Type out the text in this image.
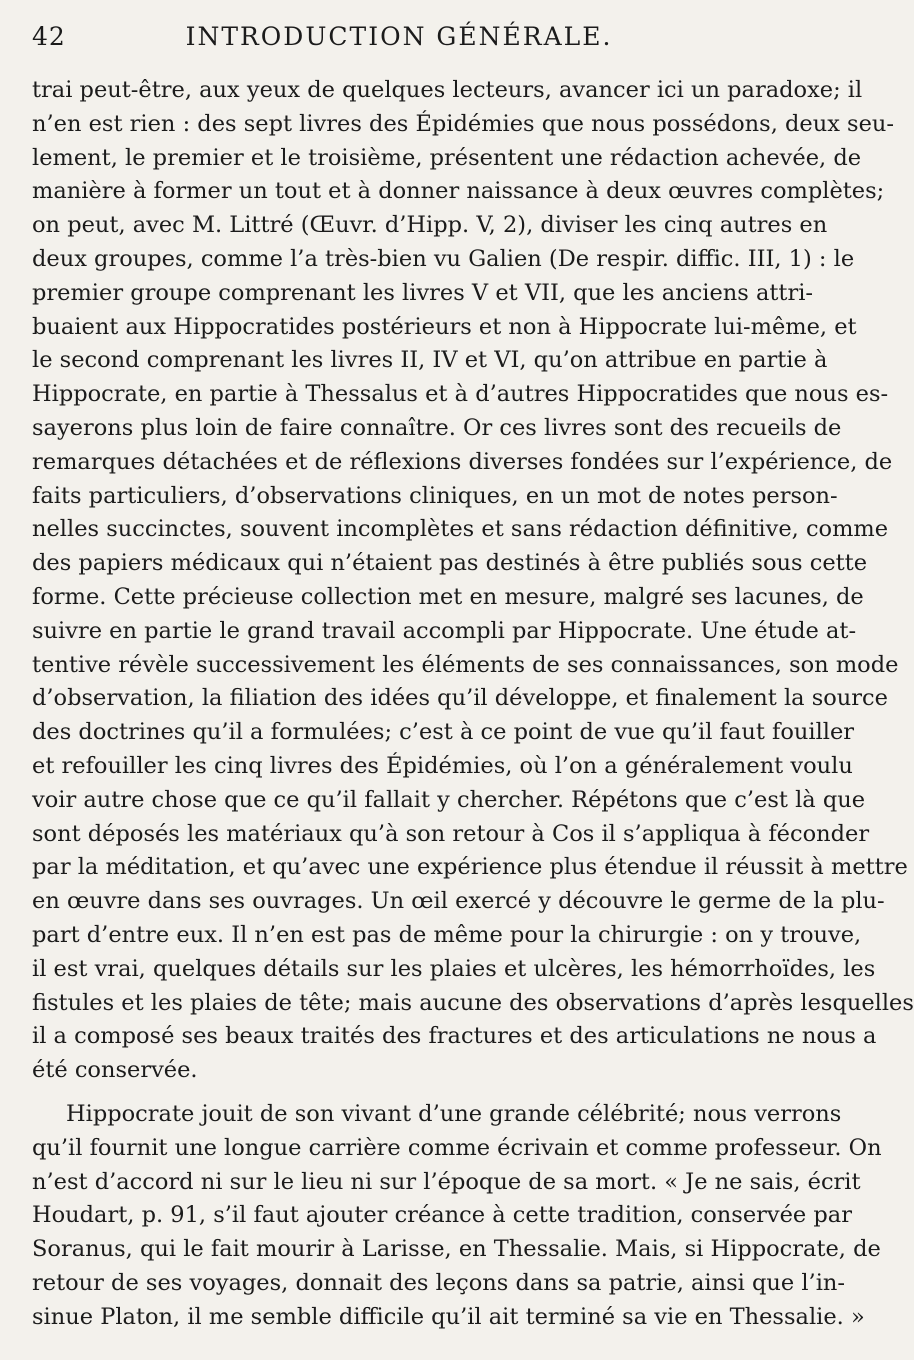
42	INTRODUCTION GÉNÉRALE.
trai peut-être, aux yeux de quelques lecteurs, avancer ici un paradoxe; il
n’en est rien : des sept livres des Épidémies que nous possédons, deux seu-
lement, le premier et le troisième, présentent une rédaction achevée, de
manière à former un tout et à donner naissance à deux œuvres complètes;
on peut, avec M. Littré (Œuvr. d’Hipp. V, 2), diviser les cinq autres en
deux groupes, comme l’a très-bien vu Galien (De respir. diffic. III, 1) : le
premier groupe comprenant les livres V et VII, que les anciens attri-
buaient aux Hippocratides postérieurs et non à Hippocrate lui-même, et
le second comprenant les livres II, IV et VI, qu’on attribue en partie à
Hippocrate, en partie à Thessalus et à d’autres Hippocratides que nous es-
sayerons plus loin de faire connaître. Or ces livres sont des recueils de
remarques détachées et de réflexions diverses fondées sur l’expérience, de
faits particuliers, d’observations cliniques, en un mot de notes person-
nelles succinctes, souvent incomplètes et sans rédaction définitive, comme
des papiers médicaux qui n’étaient pas destinés à être publiés sous cette
forme. Cette précieuse collection met en mesure, malgré ses lacunes, de
suivre en partie le grand travail accompli par Hippocrate. Une étude at-
tentive révèle successivement les éléments de ses connaissances, son mode
d’observation, la filiation des idées qu’il développe, et finalement la source
des doctrines qu’il a formulées; c’est à ce point de vue qu’il faut fouiller
et refouiller les cinq livres des Épidémies, où l’on a généralement voulu
voir autre chose que ce qu’il fallait y chercher. Répétons que c’est là que
sont déposés les matériaux qu’à son retour à Cos il s’appliqua à féconder
par la méditation, et qu’avec une expérience plus étendue il réussit à mettre
en œuvre dans ses ouvrages. Un œil exercé y découvre le germe de la plu-
part d’entre eux. Il n’en est pas de même pour la chirurgie : on y trouve,
il est vrai, quelques détails sur les plaies et ulcères, les hémorrhoïdes, les
fistules et les plaies de tête; mais aucune des observations d’après lesquelles
il a composé ses beaux traités des fractures et des articulations ne nous a
été conservée.
Hippocrate jouit de son vivant d’une grande célébrité; nous verrons
qu’il fournit une longue carrière comme écrivain et comme professeur. On
n’est d’accord ni sur le lieu ni sur l’époque de sa mort. « Je ne sais, écrit
Houdart, p. 91, s’il faut ajouter créance à cette tradition, conservée par
Soranus, qui le fait mourir à Larisse, en Thessalie. Mais, si Hippocrate, de
retour de ses voyages, donnait des leçons dans sa patrie, ainsi que l’in-
sinue Platon, il me semble difficile qu’il ait terminé sa vie en Thessalie. »
